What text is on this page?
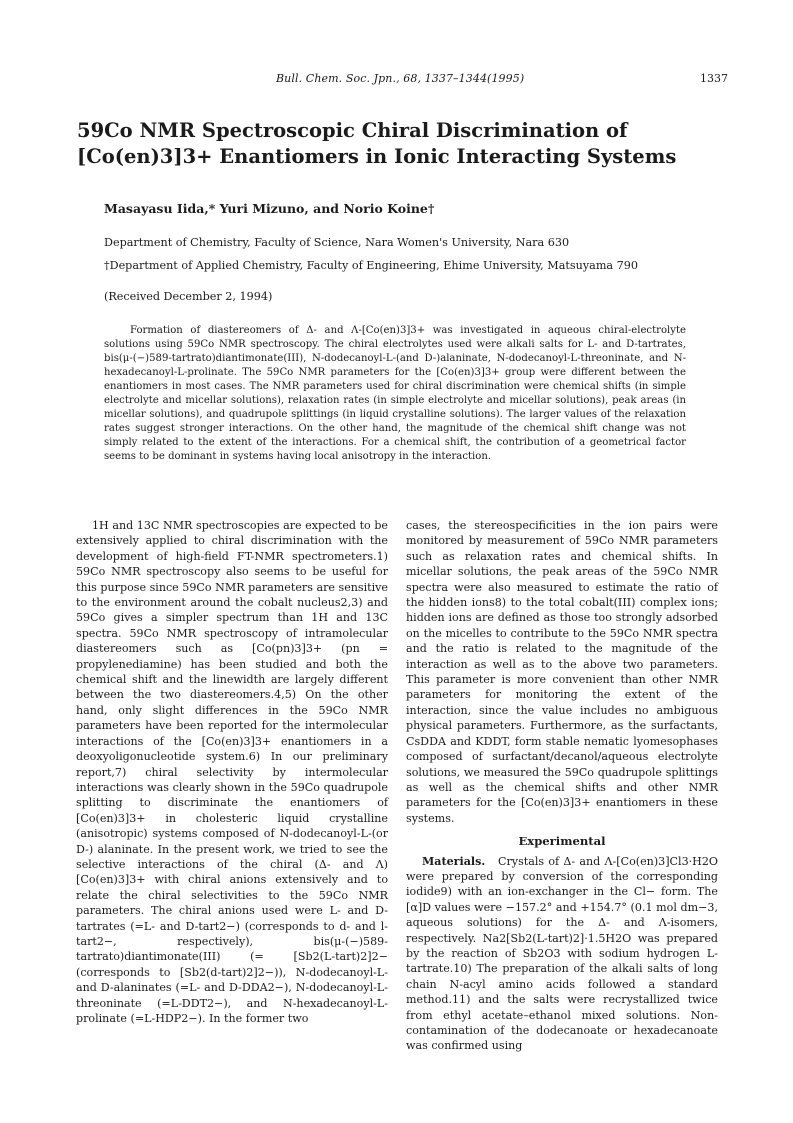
Bull. Chem. Soc. Jpn., 68, 1337–1344(1995)	1337
59Co NMR Spectroscopic Chiral Discrimination of
[Co(en)3]3+ Enantiomers in Ionic Interacting Systems
Masayasu Iida,* Yuri Mizuno, and Norio Koine†
Department of Chemistry, Faculty of Science, Nara Women's University, Nara 630
†Department of Applied Chemistry, Faculty of Engineering, Ehime University, Matsuyama 790
(Received December 2, 1994)
Formation of diastereomers of Δ- and Λ-[Co(en)3]3+ was investigated in aqueous chiral-electrolyte solutions using 59Co NMR spectroscopy. The chiral electrolytes used were alkali salts for L- and D-tartrates, bis(μ-(−)589-tartrato)diantimonate(III), N-dodecanoyl-L-(and D-)alaninate, N-dodecanoyl-L-threoninate, and N-hexadecanoyl-L-prolinate. The 59Co NMR parameters for the [Co(en)3]3+ group were different between the enantiomers in most cases. The NMR parameters used for chiral discrimination were chemical shifts (in simple electrolyte and micellar solutions), relaxation rates (in simple electrolyte and micellar solutions), peak areas (in micellar solutions), and quadrupole splittings (in liquid crystalline solutions). The larger values of the relaxation rates suggest stronger interactions. On the other hand, the magnitude of the chemical shift change was not simply related to the extent of the interactions. For a chemical shift, the contribution of a geometrical factor seems to be dominant in systems having local anisotropy in the interaction.

1H and 13C NMR spectroscopies are expected to be extensively applied to chiral discrimination with the development of high-field FT-NMR spectrometers.1) 59Co NMR spectroscopy also seems to be useful for this purpose since 59Co NMR parameters are sensitive to the environment around the cobalt nucleus2,3) and 59Co gives a simpler spectrum than 1H and 13C spectra. 59Co NMR spectroscopy of intramolecular diastereomers such as [Co(pn)3]3+ (pn = propylenediamine) has been studied and both the chemical shift and the linewidth are largely different between the two diastereomers.4,5) On the other hand, only slight differences in the 59Co NMR parameters have been reported for the intermolecular interactions of the [Co(en)3]3+ enantiomers in a deoxyoligonucleotide system.6) In our preliminary report,7) chiral selectivity by intermolecular interactions was clearly shown in the 59Co quadrupole splitting to discriminate the enantiomers of [Co(en)3]3+ in cholesteric liquid crystalline (anisotropic) systems composed of N-dodecanoyl-L-(or D-) alaninate. In the present work, we tried to see the selective interactions of the chiral (Δ- and Λ) [Co(en)3]3+ with chiral anions extensively and to relate the chiral selectivities to the 59Co NMR parameters. The chiral anions used were L- and D-tartrates (=L- and D-tart2−) (corresponds to d- and l-tart2−, respectively), bis(μ-(−)589-tartrato)diantimonate(III) (= [Sb2(L-tart)2]2− (corresponds to [Sb2(d-tart)2]2−)), N-dodecanoyl-L- and D-alaninates (=L- and D-DDA2−), N-dodecanoyl-L-threoninate (=L-DDT2−), and N-hexadecanoyl-L-prolinate (=L-HDP2−). In the former two

cases, the stereospecificities in the ion pairs were monitored by measurement of 59Co NMR parameters such as relaxation rates and chemical shifts. In micellar solutions, the peak areas of the 59Co NMR spectra were also measured to estimate the ratio of the hidden ions8) to the total cobalt(III) complex ions; hidden ions are defined as those too strongly adsorbed on the micelles to contribute to the 59Co NMR spectra and the ratio is related to the magnitude of the interaction as well as to the above two parameters. This parameter is more convenient than other NMR parameters for monitoring the extent of the interaction, since the value includes no ambiguous physical parameters. Furthermore, as the surfactants, CsDDA and KDDT, form stable nematic lyomesophases composed of surfactant/decanol/aqueous electrolyte solutions, we measured the 59Co quadrupole splittings as well as the chemical shifts and other NMR parameters for the [Co(en)3]3+ enantiomers in these systems.

Experimental

Materials. Crystals of Δ- and Λ-[Co(en)3]Cl3·H2O were prepared by conversion of the corresponding iodide9) with an ion-exchanger in the Cl− form. The [α]D values were −157.2° and +154.7° (0.1 mol dm−3, aqueous solutions) for the Δ- and Λ-isomers, respectively. Na2[Sb2(L-tart)2]·1.5H2O was prepared by the reaction of Sb2O3 with sodium hydrogen L-tartrate.10) The preparation of the alkali salts of long chain N-acyl amino acids followed a standard method.11) and the salts were recrystallized twice from ethyl acetate–ethanol mixed solutions. Non-contamination of the dodecanoate or hexadecanoate was confirmed using
